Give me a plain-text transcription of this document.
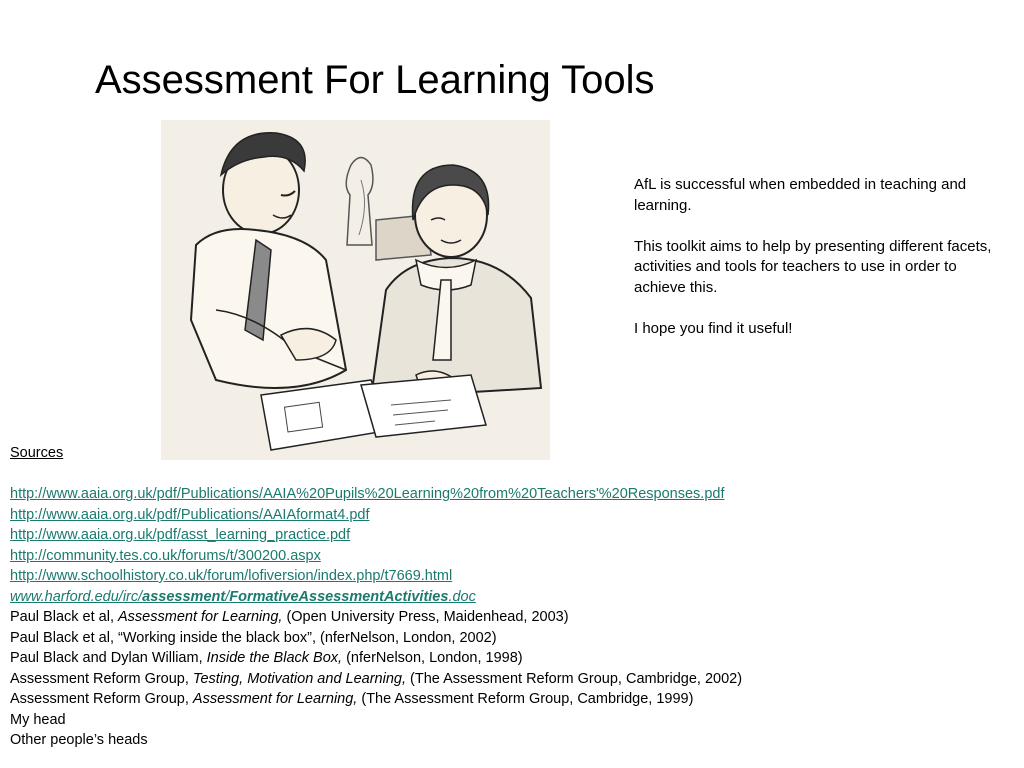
Assessment For Learning Tools

AfL is successful when embedded in teaching and learning.

This toolkit aims to help by presenting different facets, activities and tools for teachers to use in order to achieve this.

I hope you find it useful!

Sources
http://www.aaia.org.uk/pdf/Publications/AAIA%20Pupils%20Learning%20from%20Teachers'%20Responses.pdf
http://www.aaia.org.uk/pdf/Publications/AAIAformat4.pdf
http://www.aaia.org.uk/pdf/asst_learning_practice.pdf
http://community.tes.co.uk/forums/t/300200.aspx
http://www.schoolhistory.co.uk/forum/lofiversion/index.php/t7669.html
www.harford.edu/irc/assessment/FormativeAssessmentActivities.doc
Paul Black et al, Assessment for Learning, (Open University Press, Maidenhead, 2003)
Paul Black et al, “Working inside the black box”, (nferNelson, London, 2002)
Paul Black and Dylan William, Inside the Black Box, (nferNelson, London, 1998)
Assessment Reform Group, Testing, Motivation and Learning, (The Assessment Reform Group, Cambridge, 2002)
Assessment Reform Group, Assessment for Learning, (The Assessment Reform Group, Cambridge, 1999)
My head
Other people’s heads
